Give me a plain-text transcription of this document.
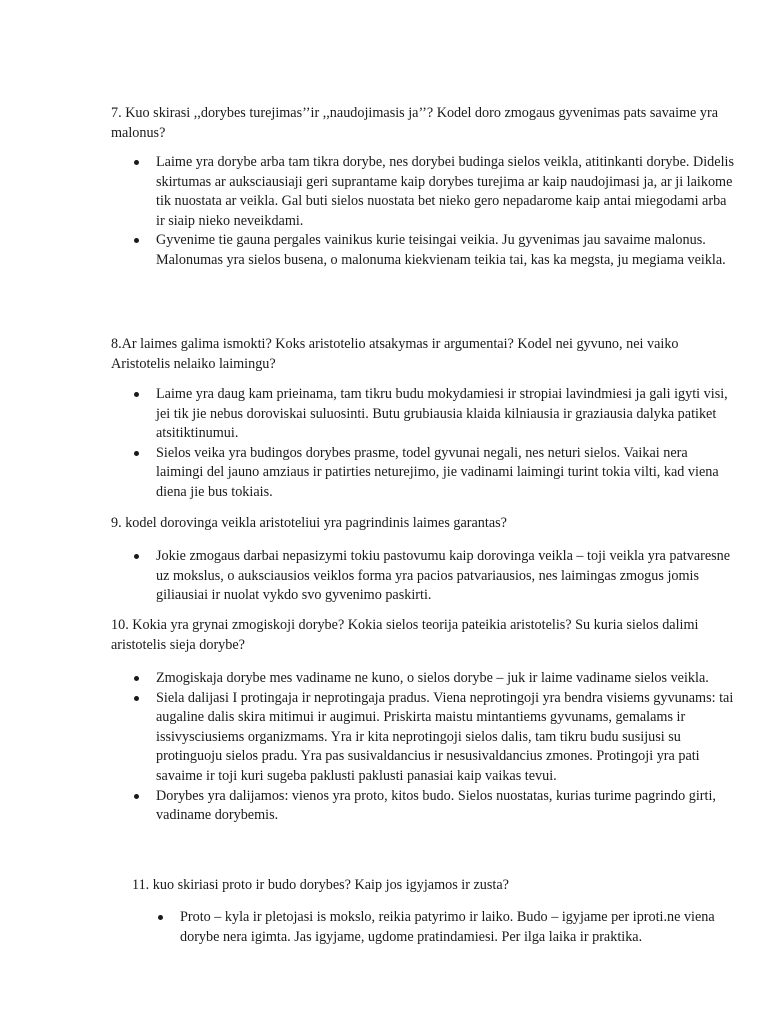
7. Kuo skirasi ,,dorybes turejimas’’ir ,,naudojimasis ja’’? Kodel doro zmogaus gyvenimas pats savaime yra malonus?

Laime yra dorybe arba tam tikra dorybe, nes dorybei budinga sielos veikla, atitinkanti dorybe. Didelis skirtumas ar auksciausiaji geri suprantame kaip dorybes turejima ar kaip naudojimasi ja, ar ji laikome tik nuostata ar veikla. Gal buti sielos nuostata bet nieko gero nepadarome kaip antai miegodami arba ir siaip nieko neveikdami.
Gyvenime tie gauna pergales vainikus kurie teisingai veikia. Ju gyvenimas jau savaime malonus. Malonumas yra sielos busena, o malonuma kiekvienam teikia tai, kas ka megsta, ju megiama veikla.

8.Ar laimes galima ismokti? Koks aristotelio atsakymas ir argumentai? Kodel nei gyvuno, nei vaiko Aristotelis nelaiko laimingu?

Laime yra daug kam prieinama, tam tikru budu mokydamiesi ir stropiai lavindmiesi ja gali igyti visi, jei tik jie nebus doroviskai suluosinti. Butu grubiausia klaida kilniausia ir graziausia dalyka patiket atsitiktinumui.
Sielos veika yra budingos dorybes prasme, todel gyvunai negali, nes neturi sielos. Vaikai nera laimingi del jauno amziaus ir patirties neturejimo, jie vadinami laimingi turint tokia vilti, kad viena diena jie bus tokiais.

9. kodel dorovinga veikla aristoteliui yra pagrindinis laimes garantas?

Jokie zmogaus darbai nepasizymi tokiu pastovumu kaip dorovinga veikla – toji veikla yra patvaresne uz mokslus, o auksciausios veiklos forma yra pacios patvariausios, nes laimingas zmogus jomis giliausiai ir nuolat vykdo svo gyvenimo paskirti.

10. Kokia yra grynai zmogiskoji dorybe? Kokia sielos teorija pateikia aristotelis? Su kuria sielos dalimi aristotelis sieja dorybe?

Zmogiskaja dorybe mes vadiname ne kuno, o sielos dorybe – juk ir laime vadiname sielos veikla.
Siela dalijasi I protingaja ir neprotingaja pradus. Viena neprotingoji yra bendra visiems gyvunams: tai augaline dalis skira mitimui ir augimui. Priskirta maistu mintantiems gyvunams, gemalams ir issivysciusiems organizmams. Yra ir kita neprotingoji sielos dalis, tam tikru budu susijusi su protinguoju sielos pradu. Yra pas susivaldancius ir nesusivaldancius zmones. Protingoji yra pati savaime ir toji kuri sugeba paklusti paklusti panasiai kaip vaikas tevui.
Dorybes yra dalijamos: vienos yra proto, kitos budo. Sielos nuostatas, kurias turime pagrindo girti, vadiname dorybemis.

11. kuo skiriasi proto ir budo dorybes? Kaip jos igyjamos ir zusta?

Proto – kyla ir pletojasi is mokslo, reikia patyrimo ir laiko. Budo – igyjame per iproti.ne viena dorybe nera igimta. Jas igyjame, ugdome pratindamiesi. Per ilga laika ir praktika.
